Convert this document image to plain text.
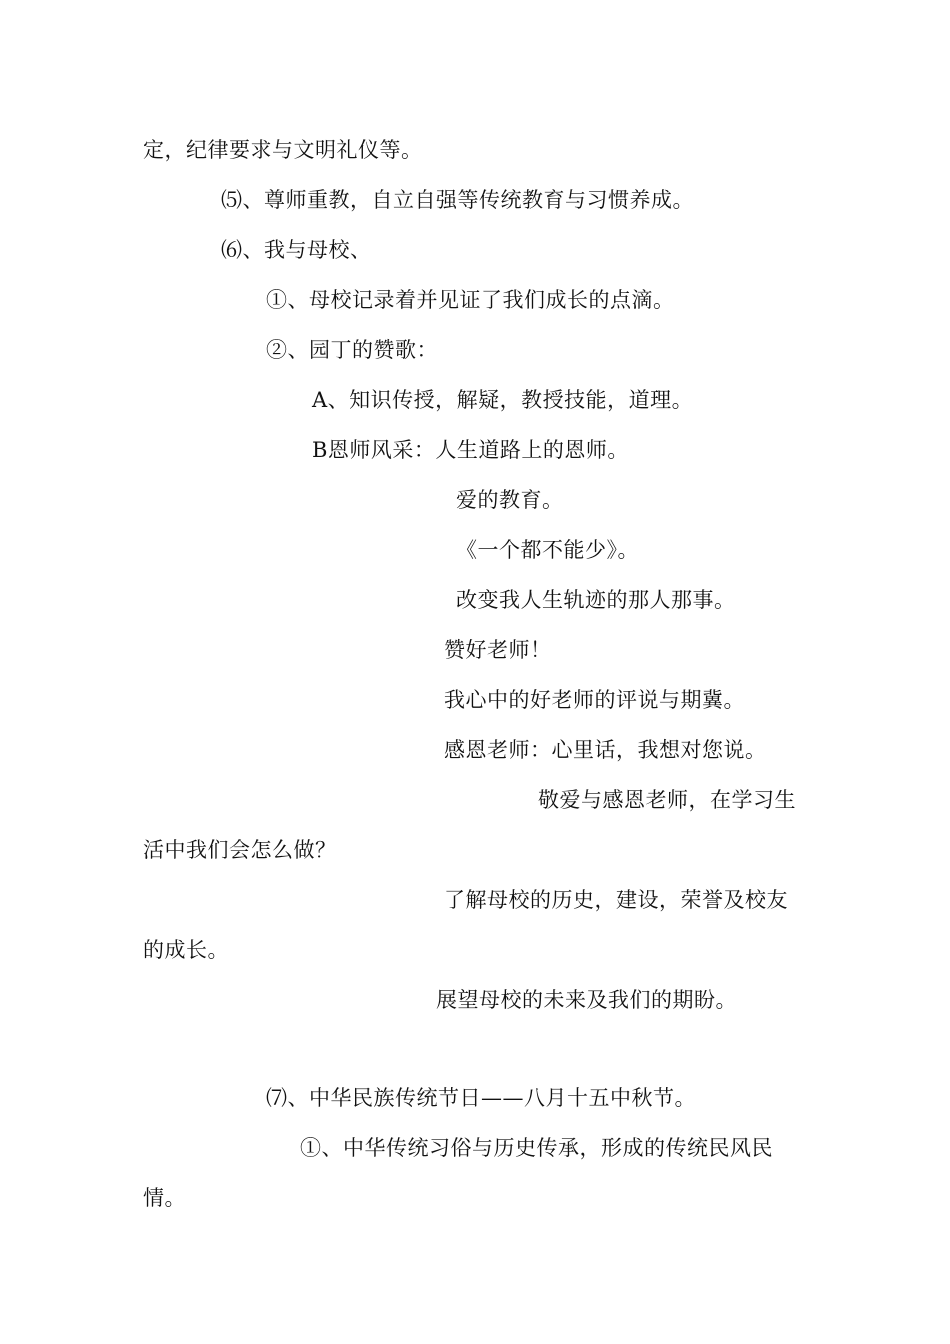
定，纪律要求与文明礼仪等。
⑸、尊师重教，自立自强等传统教育与习惯养成。
⑹、我与母校、
①、母校记录着并见证了我们成长的点滴。
②、园丁的赞歌：
A、知识传授，解疑，教授技能，道理。
B恩师风采：人生道路上的恩师。
爱的教育。
《一个都不能少》。
改变我人生轨迹的那人那事。
赞好老师！
我心中的好老师的评说与期冀。
感恩老师：心里话，我想对您说。
敬爱与感恩老师，在学习生
活中我们会怎么做？
了解母校的历史，建设，荣誉及校友
的成长。
展望母校的未来及我们的期盼。
⑺、中华民族传统节日——八月十五中秋节。
①、中华传统习俗与历史传承，形成的传统民风民
情。
